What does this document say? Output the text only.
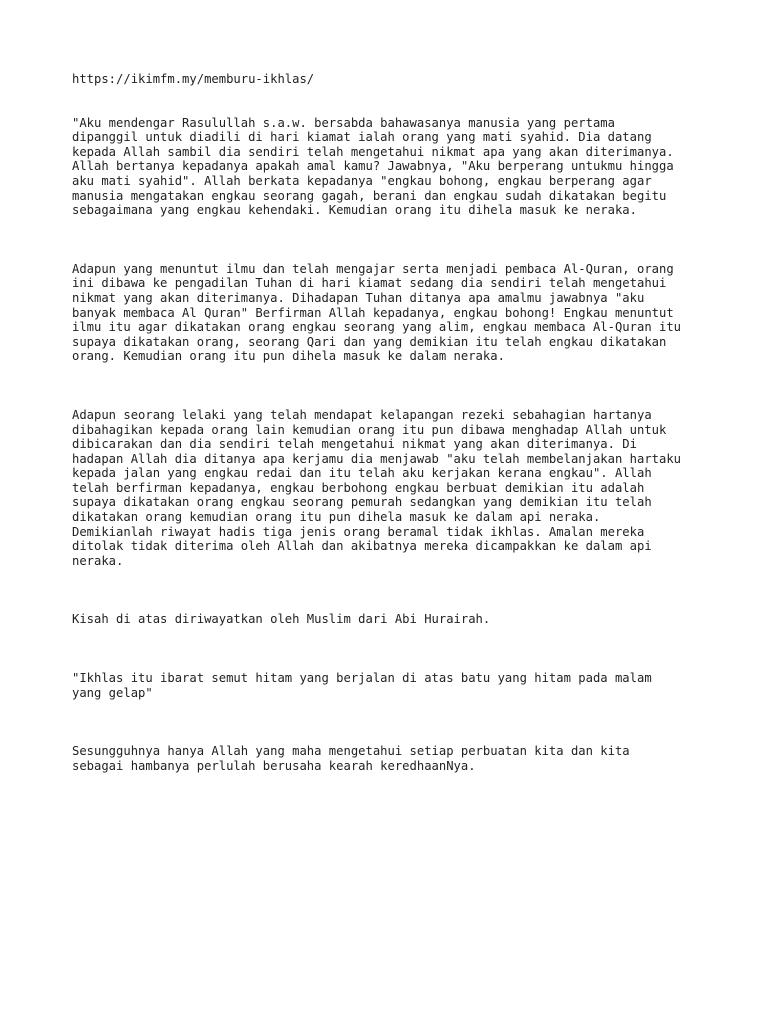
https://ikimfm.my/memburu-ikhlas/

"Aku mendengar Rasulullah s.a.w. bersabda bahawasanya manusia yang pertama

dipanggil untuk diadili di hari kiamat ialah orang yang mati syahid. Dia datang

kepada Allah sambil dia sendiri telah mengetahui nikmat apa yang akan diterimanya.

Allah bertanya kepadanya apakah amal kamu? Jawabnya, "Aku berperang untukmu hingga

aku mati syahid". Allah berkata kepadanya "engkau bohong, engkau berperang agar

manusia mengatakan engkau seorang gagah, berani dan engkau sudah dikatakan begitu

sebagaimana yang engkau kehendaki. Kemudian orang itu dihela masuk ke neraka.

Adapun yang menuntut ilmu dan telah mengajar serta menjadi pembaca Al-Quran, orang

ini dibawa ke pengadilan Tuhan di hari kiamat sedang dia sendiri telah mengetahui

nikmat yang akan diterimanya. Dihadapan Tuhan ditanya apa amalmu jawabnya "aku

banyak membaca Al Quran" Berfirman Allah kepadanya, engkau bohong! Engkau menuntut

ilmu itu agar dikatakan orang engkau seorang yang alim, engkau membaca Al-Quran itu

supaya dikatakan orang, seorang Qari dan yang demikian itu telah engkau dikatakan

orang. Kemudian orang itu pun dihela masuk ke dalam neraka.

Adapun seorang lelaki yang telah mendapat kelapangan rezeki sebahagian hartanya

dibahagikan kepada orang lain kemudian orang itu pun dibawa menghadap Allah untuk

dibicarakan dan dia sendiri telah mengetahui nikmat yang akan diterimanya. Di

hadapan Allah dia ditanya apa kerjamu dia menjawab "aku telah membelanjakan hartaku

kepada jalan yang engkau redai dan itu telah aku kerjakan kerana engkau". Allah

telah berfirman kepadanya, engkau berbohong engkau berbuat demikian itu adalah

supaya dikatakan orang engkau seorang pemurah sedangkan yang demikian itu telah

dikatakan orang kemudian orang itu pun dihela masuk ke dalam api neraka.

Demikianlah riwayat hadis tiga jenis orang beramal tidak ikhlas. Amalan mereka

ditolak tidak diterima oleh Allah dan akibatnya mereka dicampakkan ke dalam api

neraka.

Kisah di atas diriwayatkan oleh Muslim dari Abi Hurairah.

"Ikhlas itu ibarat semut hitam yang berjalan di atas batu yang hitam pada malam

yang gelap"

Sesungguhnya hanya Allah yang maha mengetahui setiap perbuatan kita dan kita

sebagai hambanya perlulah berusaha kearah keredhaanNya.
